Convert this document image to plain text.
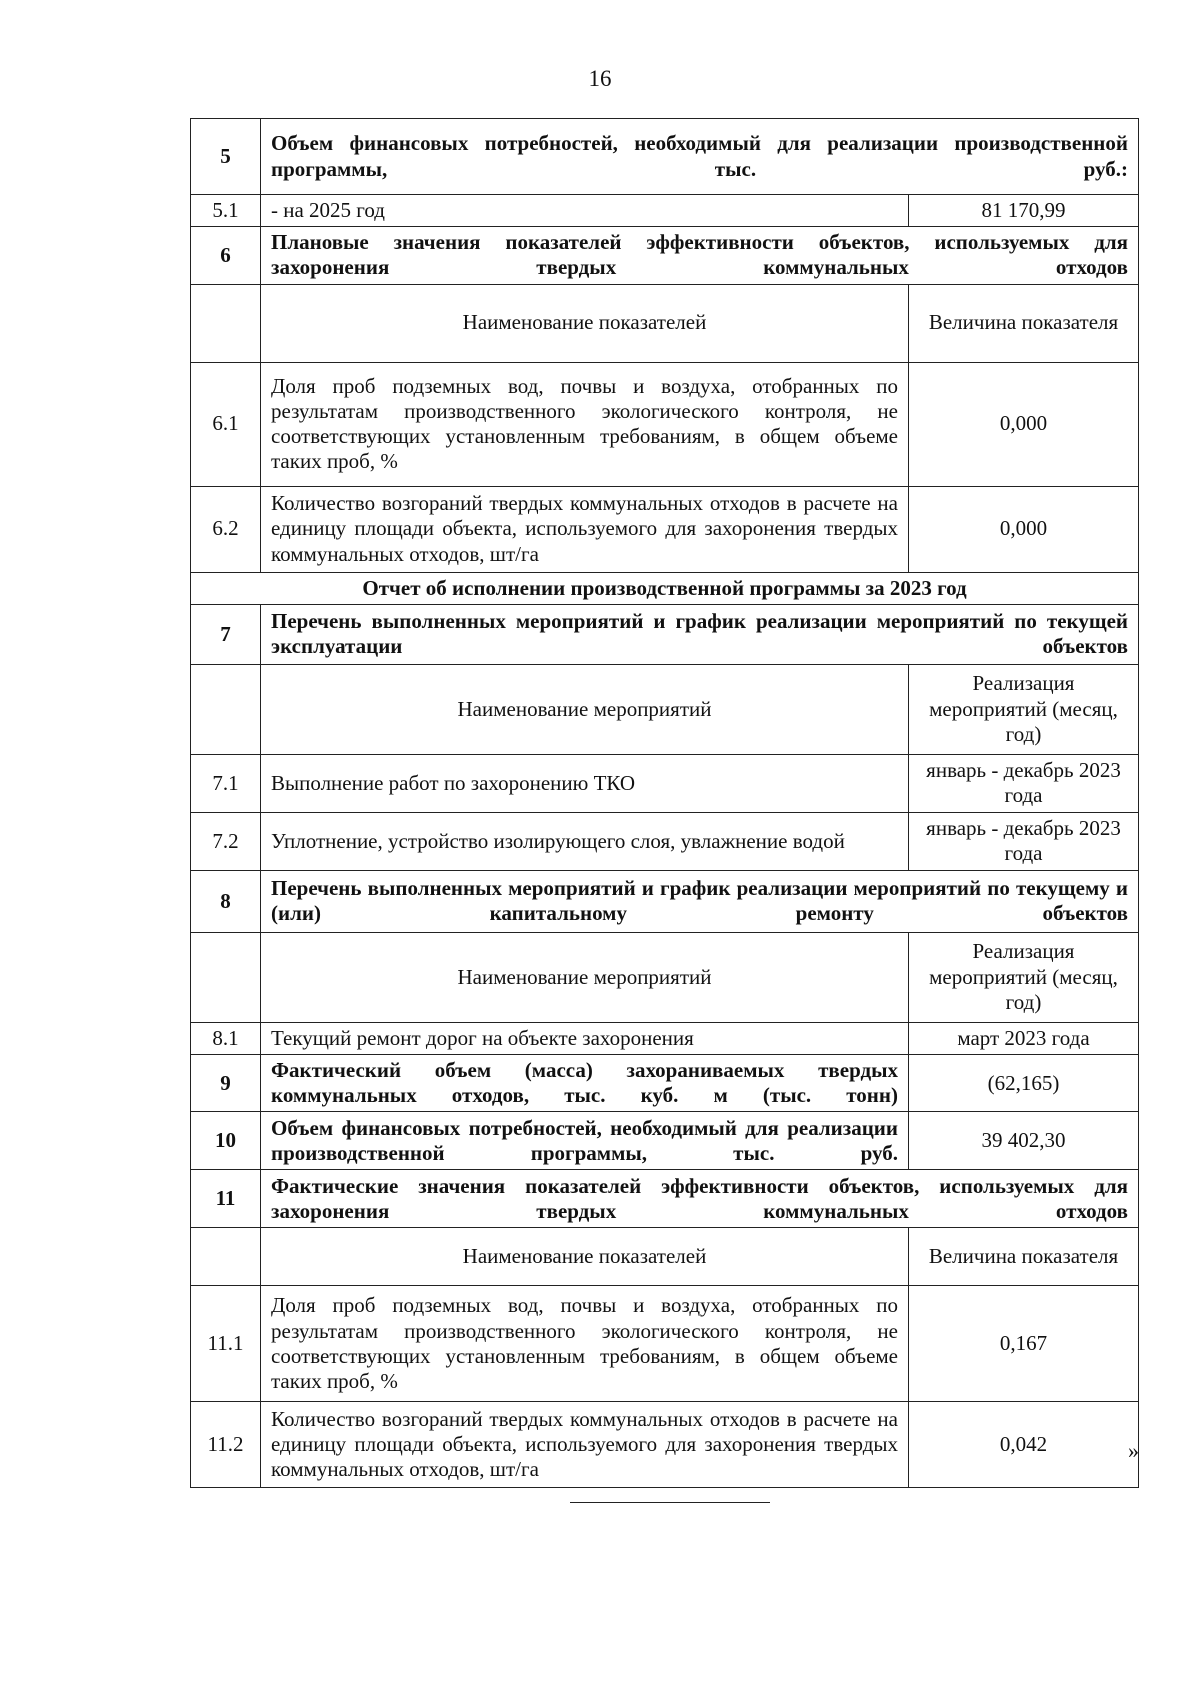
16
5	Объем финансовых потребностей, необходимый для реализации производственной программы, тыс. руб.:	
5.1	- на 2025 год	81 170,99
6	Плановые значения показателей эффективности объектов, используемых для захоронения твердых коммунальных отходов	
	Наименование показателей	Величина показателя
6.1	Доля проб подземных вод, почвы и воздуха, отобранных по результатам производственного экологического контроля, не соответствующих установленным требованиям, в общем объеме таких проб, %	0,000
6.2	Количество возгораний твердых коммунальных отходов в расчете на единицу площади объекта, используемого для захоронения твердых коммунальных отходов, шт/га	0,000
Отчет об исполнении производственной программы за 2023 год		
7	Перечень выполненных мероприятий и график реализации мероприятий по текущей эксплуатации объектов	
	Наименование мероприятий	Реализация мероприятий (месяц, год)
7.1	Выполнение работ по захоронению ТКО	январь - декабрь 2023 года
7.2	Уплотнение, устройство изолирующего слоя, увлажнение водой	январь - декабрь 2023 года
8	Перечень выполненных мероприятий и график реализации мероприятий по текущему и (или) капитальному ремонту объектов	
	Наименование мероприятий	Реализация мероприятий (месяц, год)
8.1	Текущий ремонт дорог на объекте захоронения	март 2023 года
9	Фактический объем (масса) захораниваемых твердых коммунальных отходов, тыс. куб. м (тыс. тонн)	(62,165)
10	Объем финансовых потребностей, необходимый для реализации производственной программы, тыс. руб.	39 402,30
11	Фактические значения показателей эффективности объектов, используемых для захоронения твердых коммунальных отходов	
	Наименование показателей	Величина показателя
11.1	Доля проб подземных вод, почвы и воздуха, отобранных по результатам производственного экологического контроля, не соответствующих установленным требованиям, в общем объеме таких проб, %	0,167
11.2	Количество возгораний твердых коммунальных отходов в расчете на единицу площади объекта, используемого для захоронения твердых коммунальных отходов, шт/га	0,042	»
